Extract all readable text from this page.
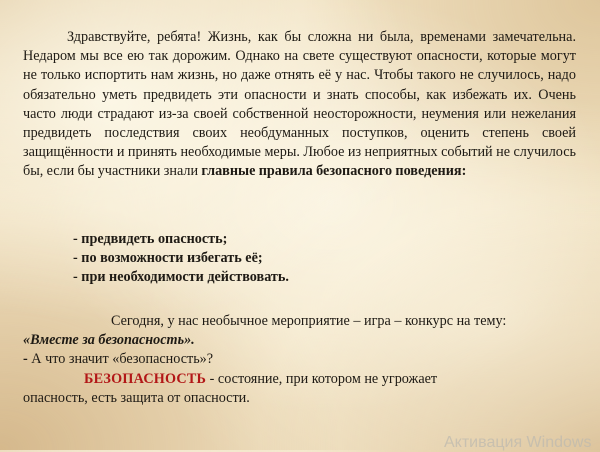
Здравствуйте, ребята! Жизнь, как бы сложна ни была, временами замечательна. Недаром мы все ею так дорожим. Однако на свете существуют опасности, которые могут не только испортить нам жизнь, но даже отнять её у нас. Чтобы такого не случилось, надо обязательно уметь предвидеть эти опасности и знать способы, как избежать их. Очень часто люди страдают из-за своей собственной неосторожности, неумения или нежелания предвидеть последствия своих необдуманных поступков, оценить степень своей защищённости и принять необходимые меры. Любое из неприятных событий не случилось бы, если бы участники знали главные правила безопасного поведения:

- предвидеть опасность;
- по возможности избегать её;
- при необходимости действовать.
Сегодня, у нас необычное мероприятие – игра – конкурс на тему:
«Вместе за безопасность».
- А что значит «безопасность»?
БЕЗОПАСНОСТЬ - состояние, при котором не угрожает
опасность, есть защита от опасности.
Активация Windows
